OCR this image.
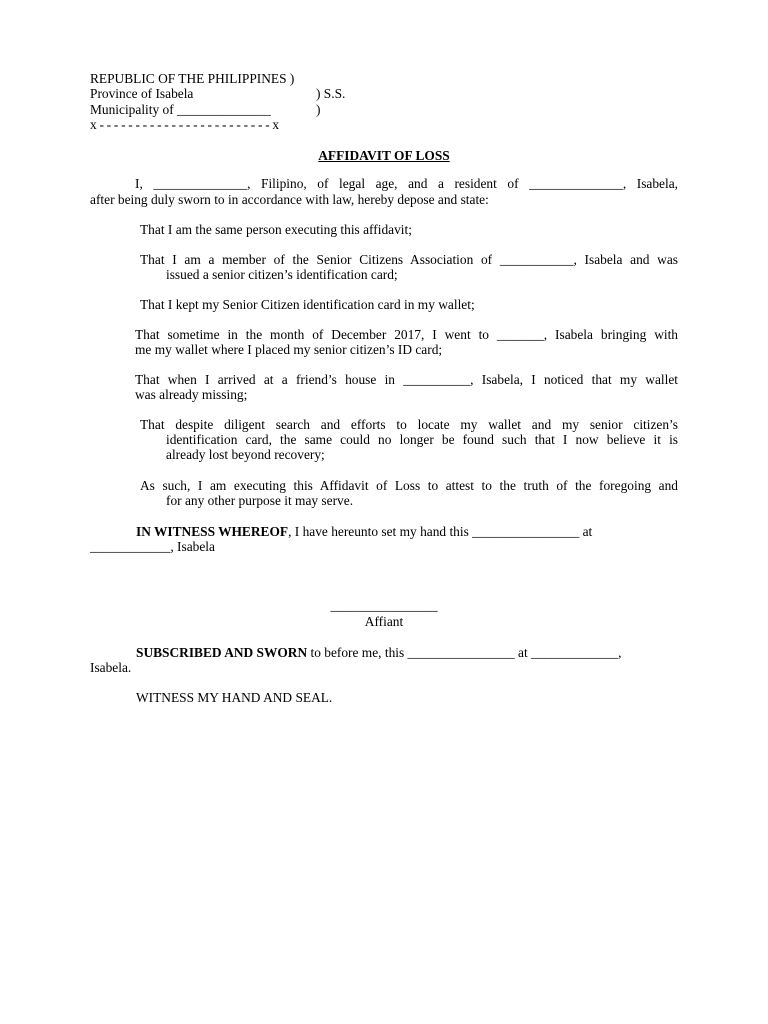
REPUBLIC OF THE PHILIPPINES )
Province of Isabela	) S.S.
Municipality of ______________	)
x - - - - - - - - - - - - - - - - - - - - - - - - x
AFFIDAVIT OF LOSS
I, ______________, Filipino, of legal age, and a resident of ______________, Isabela,
after being duly sworn to in accordance with law, hereby depose and state:
That I am the same person executing this affidavit;
That I am a member of the Senior Citizens Association of ___________, Isabela and was
issued a senior citizen’s identification card;
That I kept my Senior Citizen identification card in my wallet;
That sometime in the month of December 2017, I went to _______, Isabela bringing with
me my wallet where I placed my senior citizen’s ID card;
That when I arrived at a friend’s house in __________, Isabela, I noticed that my wallet
was already missing;
That despite diligent search and efforts to locate my wallet and my senior citizen’s
identification card, the same could no longer be found such that I now believe it is
already lost beyond recovery;
As such, I am executing this Affidavit of Loss to attest to the truth of the foregoing and
for any other purpose it may serve.
IN WITNESS WHEREOF, I have hereunto set my hand this ________________ at
____________, Isabela
________________
Affiant
SUBSCRIBED AND SWORN to before me, this ________________ at _____________,
Isabela.
WITNESS MY HAND AND SEAL.
